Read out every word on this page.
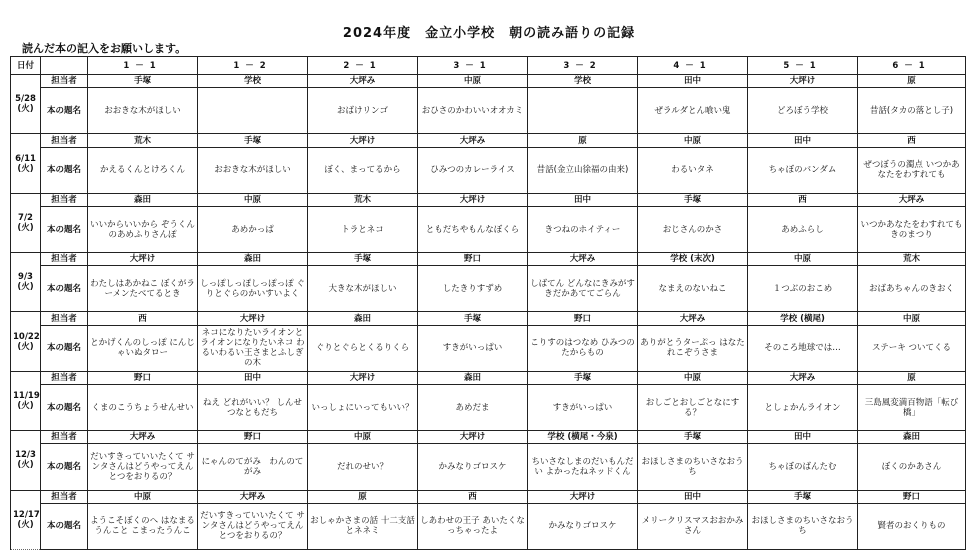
2024年度　金立小学校　朝の読み語りの記録
読んだ本の記入をお願いします。
日付		1－1	1－2	2－1	3－1	3－2	4－1	5－1	6－1

5/28
(火)	担当者	手塚	学校	大坪み	中原	学校	田中	大坪け	原
	本の題名	おおきな木がほしい		おばけリンゴ	おひさのかわいいオオカミ		ぜラルダとん喰い鬼	どろぼう学校	昔話(タカの落とし子)

6/11
(火)	担当者	荒木	手塚	大坪け	大坪み	原	中原	田中	西
	本の題名	かえるくんとけろくん	おおきな木がほしい	ぼく、まってるから	ひみつのカレーライス	昔話(金立山徐福の由来)	わるいタネ	ちゃぼのバンダム	ぜつぼうの濁点 いつかあなたをわすれても

7/2
(火)	担当者	森田	中原	荒木	大坪け	田中	手塚	西	大坪み
	本の題名	いいからいいから ぞうくんのあめふりさんぽ	あめかっぱ	トラとネコ	ともだちやもんなぼくら	きつねのホイティー	おじさんのかさ	あめふらし	いつかあなたをわすれても きのまつり

9/3
(火)	担当者	大坪け	森田	手塚	野口	大坪み	学校 (末次)	中原	荒木
	本の題名	わたしはあかねこ ぼくがラーメンたべてるとき	しっぽしっぽしっぽっぽ ぐりとぐらのかいすいよく	大きな木がほしい	したきりすずめ	しばてん どんなにきみがすきだかあててごらん	なまえのないねこ	１つぶのおこめ	おばあちゃんのきおく

10/22
(火)	担当者	西	大坪け	森田	手塚	野口	大坪み	学校 (横尾)	中原
	本の題名	とかげくんのしっぽ にんじゃいぬタロー	ネコになりたいライオンとライオンになりたいネコ わるいわるい王さまとふしぎの木	ぐりとぐらとくるりくら	すきがいっぱい	こりすのはつなめ ひみつのたからもの	ありがとうターぷっ はなたれこぞうさま	そのころ地球では…	ステーキ ついてくる

11/19
(火)	担当者	野口	田中	大坪け	森田	手塚	中原	大坪み	原
	本の題名	くまのこうちょうせんせい	ねえ どれがいい？ しんせつなともだち	いっしょにいってもいい？	あめだま	すきがいっぱい	おしごとおしごとなにする？	としょかんライオン	三島風変満百物語「転び橋」

12/3
(火)	担当者	大坪み	野口	中原	大坪け	学校 (横尾・今泉)	手塚	田中	森田
	本の題名	だいすきっていいたくて サンタさんはどうやってえんとつをおりるの？	にゃんのてがみ　わんのてがみ	だれのせい？	かみなりゴロスケ	ちいさなしまのだいもんだい よかったねネッドくん	おほしさまのちいさなおうち	ちゃぼのばんたむ	ぼくのかあさん

12/17
(火)	担当者	中原	大坪み	原	西	大坪け	田中	手塚	野口
	本の題名	ようこそぼくのへ はなまるうんこと こまったうんこ	だいすきっていいたくて サンタさんはどうやってえんとつをおりるの？	おしゃかさまの話 十二支話とネネミ	しあわせの王子 あいたくなっちゃったよ	かみなりゴロスケ	メリークリスマスおおかみさん	おほしさまのちいさなおうち	賢者のおくりもの
